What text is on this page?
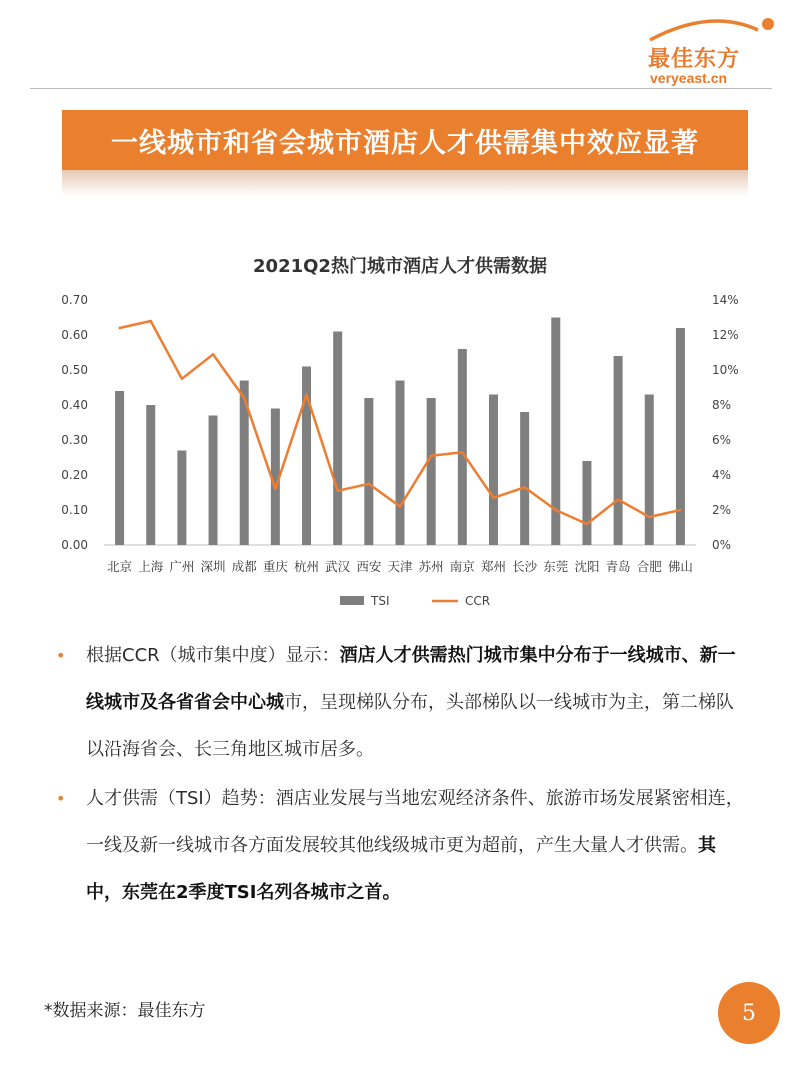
最佳东方
veryeast.cn
一线城市和省会城市酒店人才供需集中效应显著
2021Q2热门城市酒店人才供需数据
0.00
0.10
0.20
0.30
0.40
0.50
0.60
0.70
0%
2%
4%
6%
8%
10%
12%
14%
北京 上海 广州 深圳 成都 重庆 杭州 武汉 西安 天津 苏州 南京 郑州 长沙 东莞 沈阳 青岛 合肥 佛山
TSI	CCR
• 根据CCR（城市集中度）显示：酒店人才供需热门城市集中分布于一线城市、新一线城市及各省省会中心城市，呈现梯队分布，头部梯队以一线城市为主，第二梯队以沿海省会、长三角地区城市居多。
• 人才供需（TSI）趋势：酒店业发展与当地宏观经济条件、旅游市场发展紧密相连，一线及新一线城市各方面发展较其他线级城市更为超前，产生大量人才供需。其中，东莞在2季度TSI名列各城市之首。
*数据来源：最佳东方	5
